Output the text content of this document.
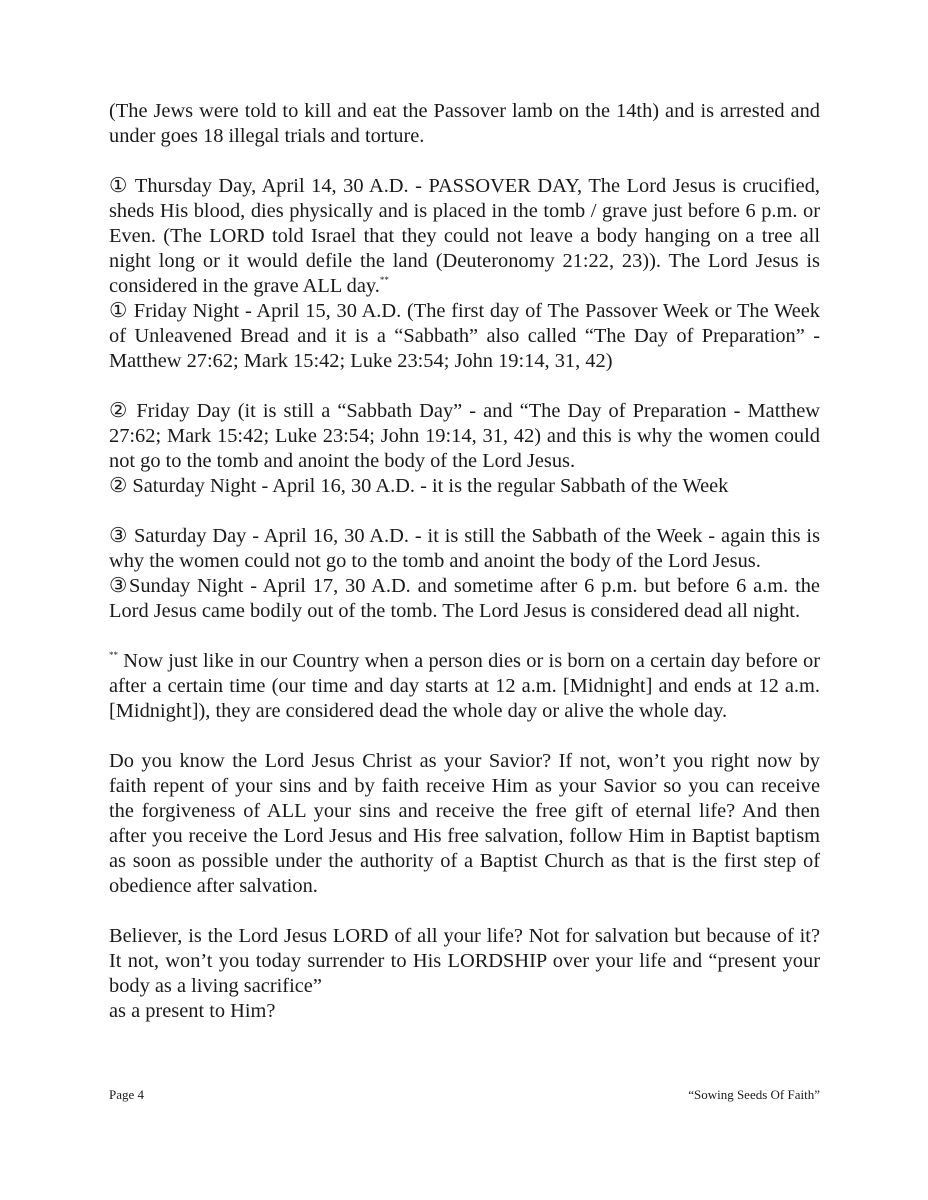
(The Jews were told to kill and eat the Passover lamb on the 14th) and is arrested and under goes 18 illegal trials and torture.

① Thursday Day, April 14, 30 A.D. - PASSOVER DAY, The Lord Jesus is crucified, sheds His blood, dies physically and is placed in the tomb / grave just before 6 p.m. or Even. (The LORD told Israel that they could not leave a body hanging on a tree all night long or it would defile the land (Deuteronomy 21:22, 23)). The Lord Jesus is considered in the grave ALL day.**

① Friday Night - April 15, 30 A.D. (The first day of The Passover Week or The Week of Unleavened Bread and it is a “Sabbath” also called “The Day of Preparation” - Matthew 27:62; Mark 15:42; Luke 23:54; John 19:14, 31, 42)

② Friday Day (it is still a “Sabbath Day” - and “The Day of Preparation - Matthew 27:62; Mark 15:42; Luke 23:54; John 19:14, 31, 42) and this is why the women could not go to the tomb and anoint the body of the Lord Jesus.

② Saturday Night - April 16, 30 A.D. - it is the regular Sabbath of the Week

③ Saturday Day - April 16, 30 A.D. - it is still the Sabbath of the Week - again this is why the women could not go to the tomb and anoint the body of the Lord Jesus.

③Sunday Night - April 17, 30 A.D. and sometime after 6 p.m. but before 6 a.m. the Lord Jesus came bodily out of the tomb. The Lord Jesus is considered dead all night.

** Now just like in our Country when a person dies or is born on a certain day before or after a certain time (our time and day starts at 12 a.m. [Midnight] and ends at 12 a.m. [Midnight]), they are considered dead the whole day or alive the whole day.

Do you know the Lord Jesus Christ as your Savior? If not, won’t you right now by faith repent of your sins and by faith receive Him as your Savior so you can receive the forgiveness of ALL your sins and receive the free gift of eternal life? And then after you receive the Lord Jesus and His free salvation, follow Him in Baptist baptism as soon as possible under the authority of a Baptist Church as that is the first step of obedience after salvation.

Believer, is the Lord Jesus LORD of all your life? Not for salvation but because of it? It not, won’t you today surrender to His LORDSHIP over your life and “present your body as a living sacrifice”

as a present to Him?

Page 4	“Sowing Seeds Of Faith”
